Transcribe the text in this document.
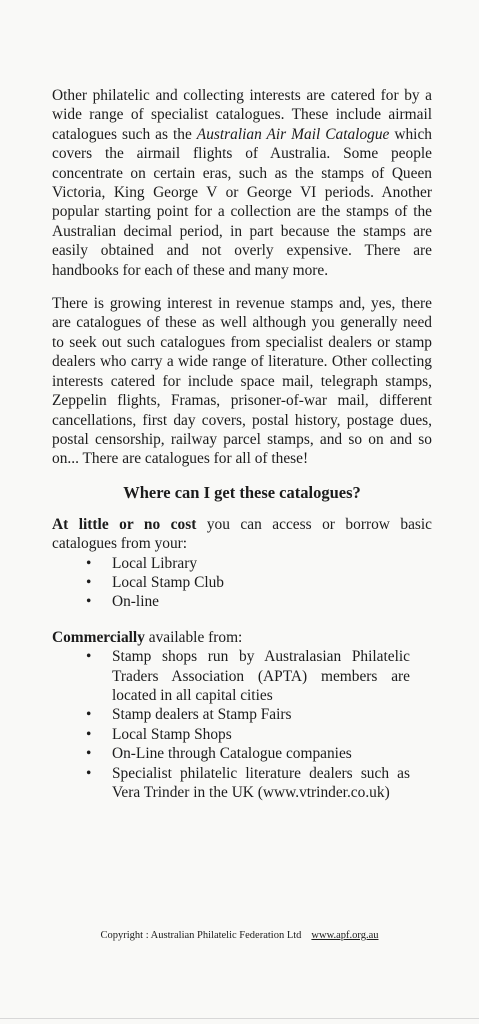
Other philatelic and collecting interests are catered for by a wide range of specialist catalogues. These include airmail catalogues such as the Australian Air Mail Catalogue which covers the airmail flights of Australia. Some people concentrate on certain eras, such as the stamps of Queen Victoria, King George V or George VI periods. Another popular starting point for a collection are the stamps of the Australian decimal period, in part because the stamps are easily obtained and not overly expensive. There are handbooks for each of these and many more.

There is growing interest in revenue stamps and, yes, there are catalogues of these as well although you generally need to seek out such catalogues from specialist dealers or stamp dealers who carry a wide range of literature. Other collecting interests catered for include space mail, telegraph stamps, Zeppelin flights, Framas, prisoner-of-war mail, different cancellations, first day covers, postal history, postage dues, postal censorship, railway parcel stamps, and so on and so on... There are catalogues for all of these!

Where can I get these catalogues?

At little or no cost you can access or borrow basic catalogues from your:

• Local Library
• Local Stamp Club
• On-line

Commercially available from:

• Stamp shops run by Australasian Philatelic Traders Association (APTA) members are located in all capital cities
• Stamp dealers at Stamp Fairs
• Local Stamp Shops
• On-Line through Catalogue companies
• Specialist philatelic literature dealers such as Vera Trinder in the UK (www.vtrinder.co.uk)
Copyright : Australian Philatelic Federation Ltd www.apf.org.au
